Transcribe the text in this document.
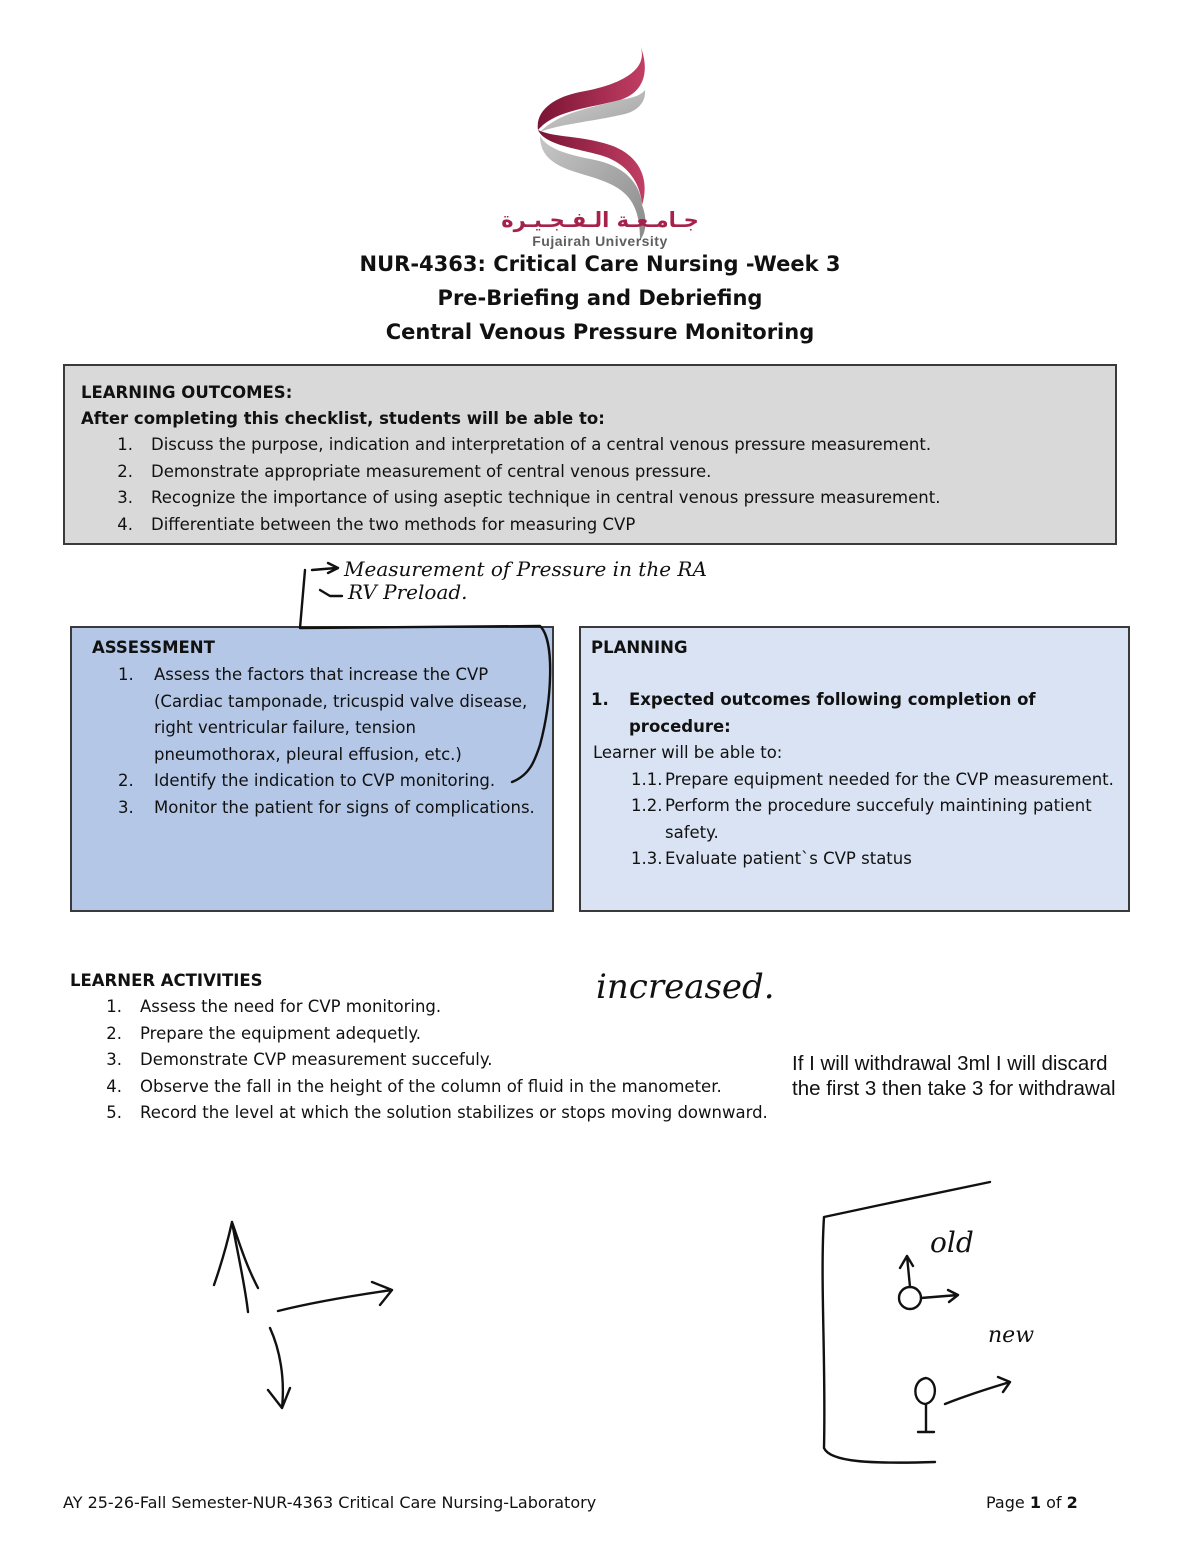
جـامـعـة الـفـجـيـرة
Fujairah University
NUR-4363: Critical Care Nursing -Week 3
Pre-Briefing and Debriefing
Central Venous Pressure Monitoring
LEARNING OUTCOMES:
After completing this checklist, students will be able to:
1.	Discuss the purpose, indication and interpretation of a central venous pressure measurement.
2.	Demonstrate appropriate measurement of central venous pressure.
3.	Recognize the importance of using aseptic technique in central venous pressure measurement.
4.	Differentiate between the two methods for measuring CVP
ASSESSMENT
1.	Assess the factors that increase the CVP (Cardiac tamponade, tricuspid valve disease, right ventricular failure, tension pneumothorax, pleural effusion, etc.)
2.	Identify the indication to CVP monitoring.
3.	Monitor the patient for signs of complications.
PLANNING
1.	Expected outcomes following completion of procedure:
Learner will be able to:
1.1. Prepare equipment needed for the CVP measurement.
1.2. Perform the procedure succefuly maintining patient safety.
1.3. Evaluate patient`s CVP status
LEARNER ACTIVITIES
1.	Assess the need for CVP monitoring.
2.	Prepare the equipment adequetly.
3.	Demonstrate CVP measurement succefuly.
4.	Observe the fall in the height of the column of fluid in the manometer.
5.	Record the level at which the solution stabilizes or stops moving downward.
If I will withdrawal 3ml I will discard the first 3 then take 3 for withdrawal
Measurement of Pressure in the RA
RV Preload.
increased.
old
new
AY 25-26-Fall Semester-NUR-4363 Critical Care Nursing-Laboratory	Page 1 of 2
